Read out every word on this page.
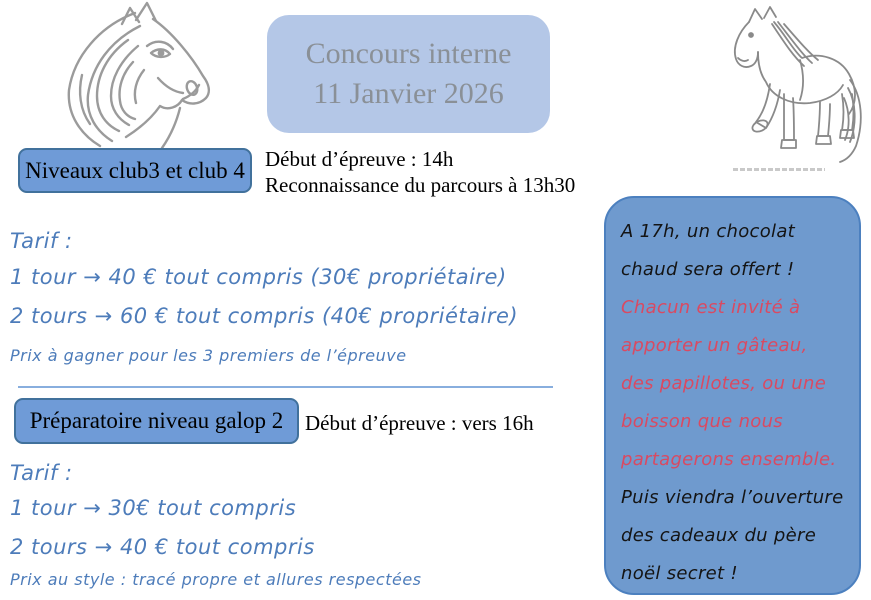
Concours interne
11 Janvier 2026
Niveaux club3 et club 4 Début d’épreuve : 14h
Reconnaissance du parcours à 13h30
Tarif :
1 tour → 40 € tout compris (30€ propriétaire)
2 tours → 60 € tout compris (40€ propriétaire)
Prix à gagner pour les 3 premiers de l’épreuve
Préparatoire niveau galop 2 Début d’épreuve : vers 16h
Tarif :
1 tour → 30€ tout compris
2 tours → 40 € tout compris
Prix au style : tracé propre et allures respectées
A 17h, un chocolat chaud sera offert !
Chacun est invité à apporter un gâteau, des papillotes, ou une boisson que nous partagerons ensemble.
Puis viendra l’ouverture des cadeaux du père noël secret !
